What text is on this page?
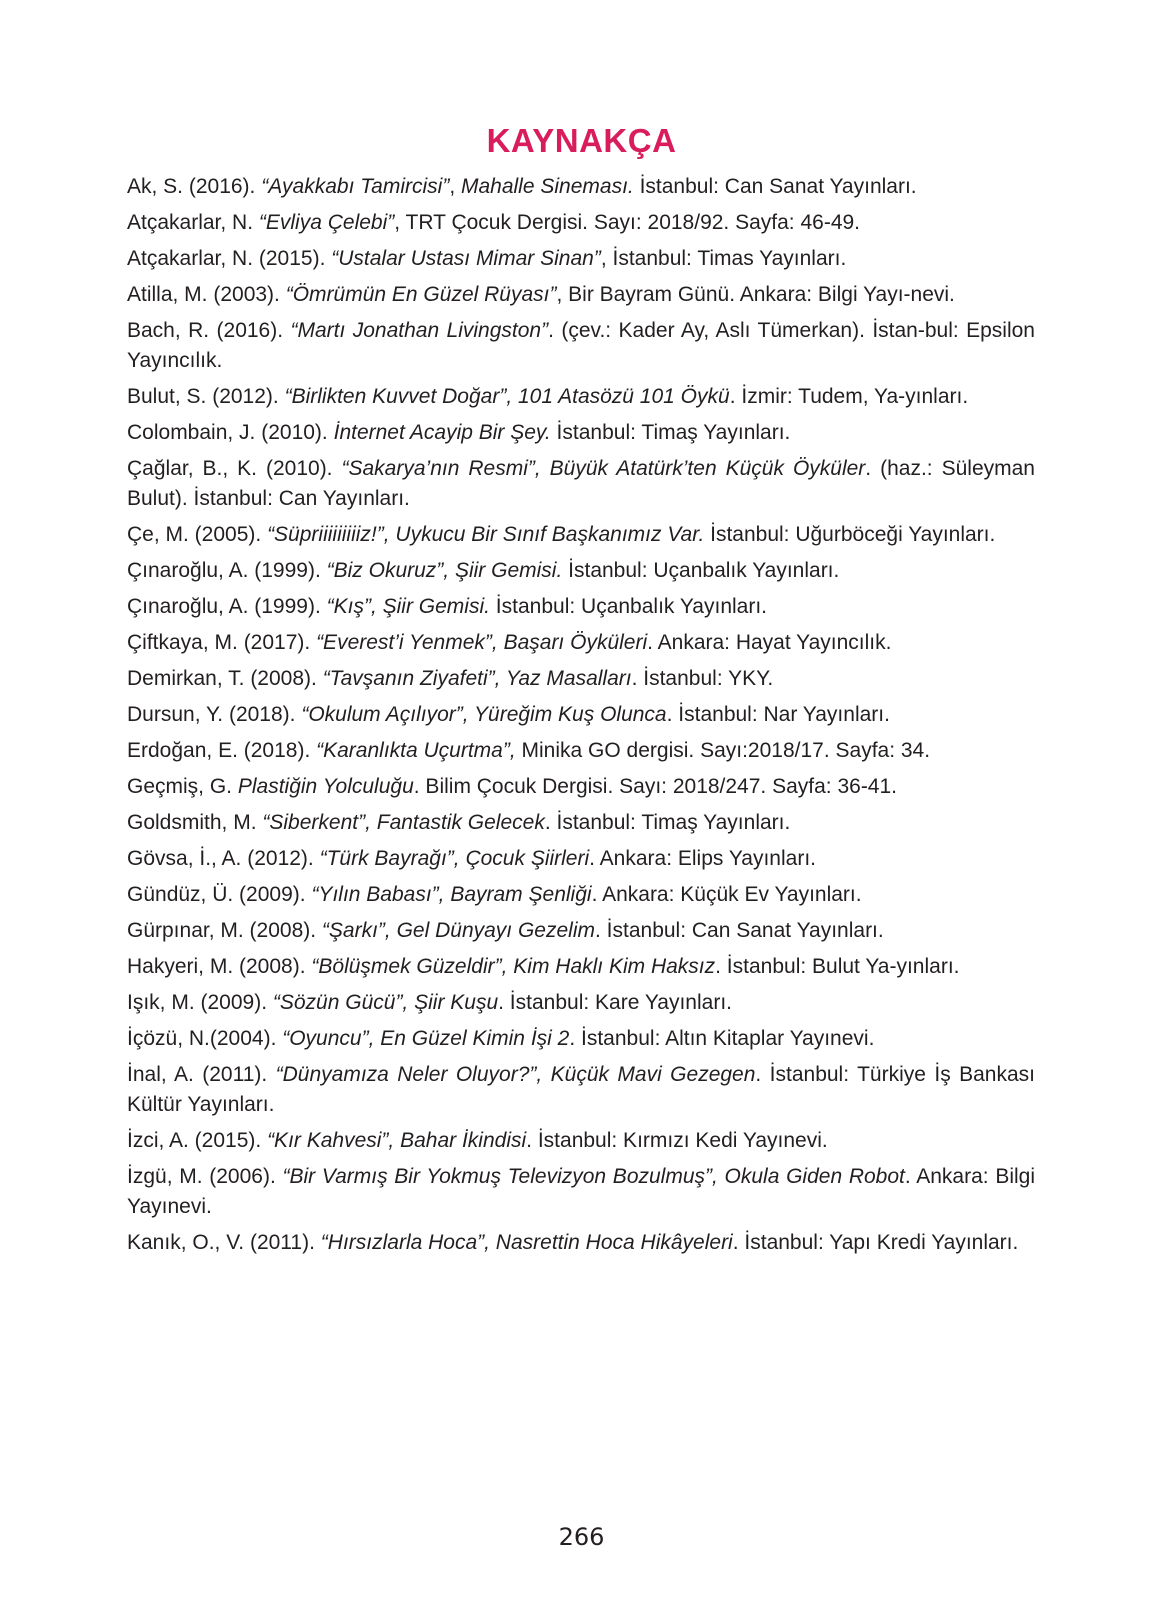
KAYNAKÇA

Ak, S. (2016). “Ayakkabı Tamircisi”, Mahalle Sineması. İstanbul: Can Sanat Yayınları.

Atçakarlar, N. “Evliya Çelebi”, TRT Çocuk Dergisi. Sayı: 2018/92. Sayfa: 46-49.

Atçakarlar, N. (2015). “Ustalar Ustası Mimar Sinan”, İstanbul: Timas Yayınları.

Atilla, M. (2003). “Ömrümün En Güzel Rüyası”, Bir Bayram Günü. Ankara: Bilgi Yayı-nevi.

Bach, R. (2016). “Martı Jonathan Livingston”. (çev.: Kader Ay, Aslı Tümerkan). İstan-bul: Epsilon Yayıncılık.

Bulut, S. (2012). “Birlikten Kuvvet Doğar”, 101 Atasözü 101 Öykü. İzmir: Tudem, Ya-yınları.

Colombain, J. (2010). İnternet Acayip Bir Şey. İstanbul: Timaş Yayınları.

Çağlar, B., K. (2010). “Sakarya’nın Resmi”, Büyük Atatürk’ten Küçük Öyküler. (haz.: Süleyman Bulut). İstanbul: Can Yayınları.

Çe, M. (2005). “Süpriiiiiiiiiz!”, Uykucu Bir Sınıf Başkanımız Var. İstanbul: Uğurböceği Yayınları.

Çınaroğlu, A. (1999). “Biz Okuruz”, Şiir Gemisi. İstanbul: Uçanbalık Yayınları.

Çınaroğlu, A. (1999). “Kış”, Şiir Gemisi. İstanbul: Uçanbalık Yayınları.

Çiftkaya, M. (2017). “Everest’i Yenmek”, Başarı Öyküleri. Ankara: Hayat Yayıncılık.

Demirkan, T. (2008). “Tavşanın Ziyafeti”, Yaz Masalları. İstanbul: YKY.

Dursun, Y. (2018). “Okulum Açılıyor”, Yüreğim Kuş Olunca. İstanbul: Nar Yayınları.

Erdoğan, E. (2018). “Karanlıkta Uçurtma”, Minika GO dergisi. Sayı:2018/17. Sayfa: 34.

Geçmiş, G. Plastiğin Yolculuğu. Bilim Çocuk Dergisi. Sayı: 2018/247. Sayfa: 36-41.

Goldsmith, M. “Siberkent”, Fantastik Gelecek. İstanbul: Timaş Yayınları.

Gövsa, İ., A. (2012). “Türk Bayrağı”, Çocuk Şiirleri. Ankara: Elips Yayınları.

Gündüz, Ü. (2009). “Yılın Babası”, Bayram Şenliği. Ankara: Küçük Ev Yayınları.

Gürpınar, M. (2008). “Şarkı”, Gel Dünyayı Gezelim. İstanbul: Can Sanat Yayınları.

Hakyeri, M. (2008). “Bölüşmek Güzeldir”, Kim Haklı Kim Haksız. İstanbul: Bulut Ya-yınları.

Işık, M. (2009). “Sözün Gücü”, Şiir Kuşu. İstanbul: Kare Yayınları.

İçözü, N.(2004). “Oyuncu”, En Güzel Kimin İşi 2. İstanbul: Altın Kitaplar Yayınevi.

İnal, A. (2011). “Dünyamıza Neler Oluyor?”, Küçük Mavi Gezegen. İstanbul: Türkiye İş Bankası Kültür Yayınları.

İzci, A. (2015). “Kır Kahvesi”, Bahar İkindisi. İstanbul: Kırmızı Kedi Yayınevi.

İzgü, M. (2006). “Bir Varmış Bir Yokmuş Televizyon Bozulmuş”, Okula Giden Robot. Ankara: Bilgi Yayınevi.

Kanık, O., V. (2011). “Hırsızlarla Hoca”, Nasrettin Hoca Hikâyeleri. İstanbul: Yapı Kredi Yayınları.

266
